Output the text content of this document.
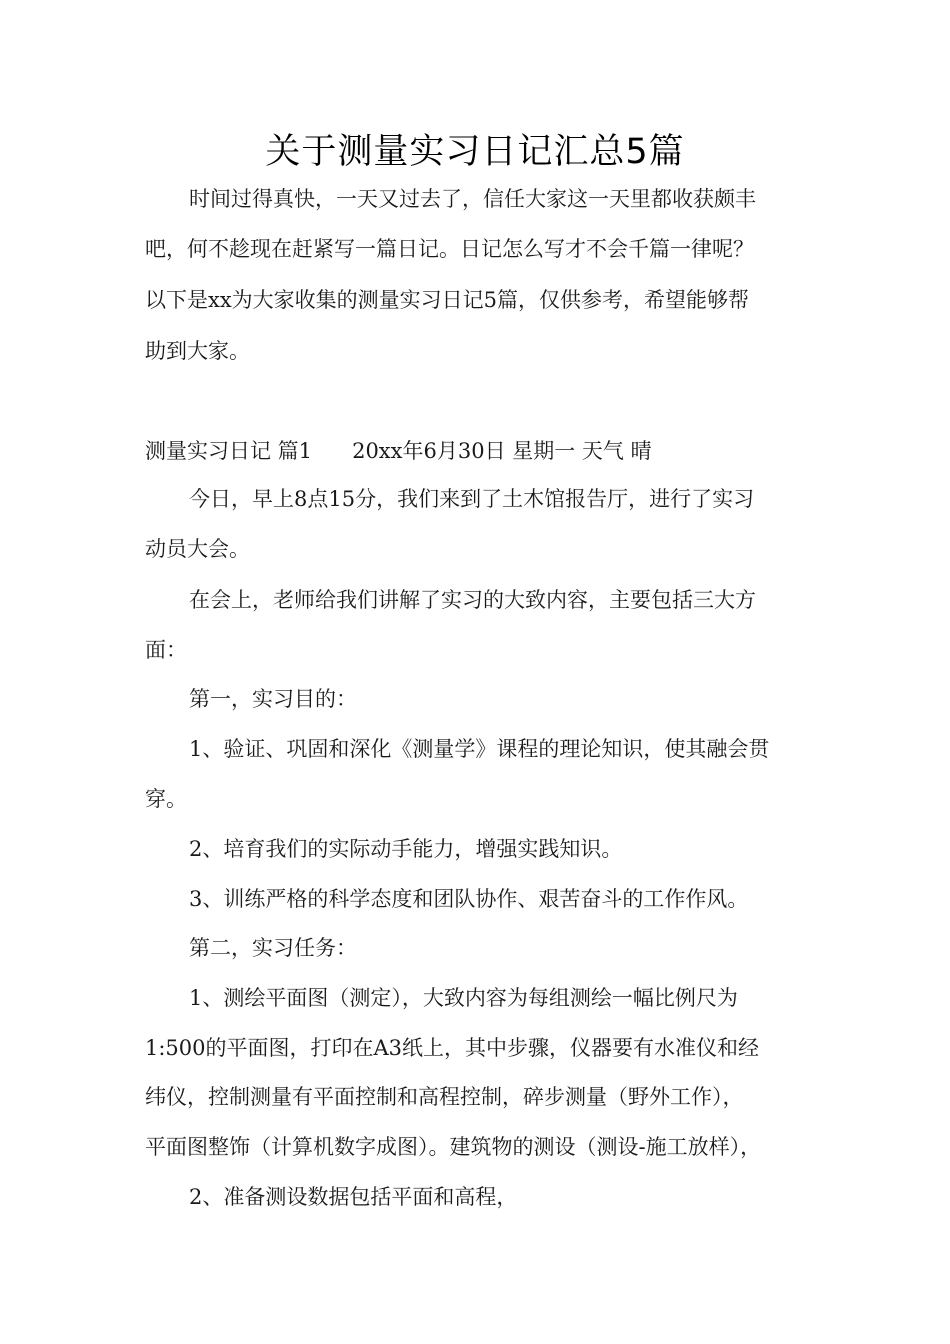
关于测量实习日记汇总5篇

时间过得真快，一天又过去了，信任大家这一天里都收获颇丰

吧，何不趁现在赶紧写一篇日记。日记怎么写才不会千篇一律呢？

以下是xx为大家收集的测量实习日记5篇，仅供参考，希望能够帮

助到大家。

测量实习日记 篇1      20xx年6月30日 星期一 天气 晴

今日，早上8点15分，我们来到了土木馆报告厅，进行了实习

动员大会。

在会上，老师给我们讲解了实习的大致内容，主要包括三大方

面：

第一，实习目的：

1、验证、巩固和深化《测量学》课程的理论知识，使其融会贯

穿。

2、培育我们的实际动手能力，增强实践知识。

3、训练严格的科学态度和团队协作、艰苦奋斗的工作作风。

第二，实习任务：

1、测绘平面图（测定），大致内容为每组测绘一幅比例尺为

1:500的平面图，打印在A3纸上，其中步骤，仪器要有水准仪和经

纬仪，控制测量有平面控制和高程控制，碎步测量（野外工作），

平面图整饰（计算机数字成图）。建筑物的测设（测设-施工放样），

2、准备测设数据包括平面和高程，
